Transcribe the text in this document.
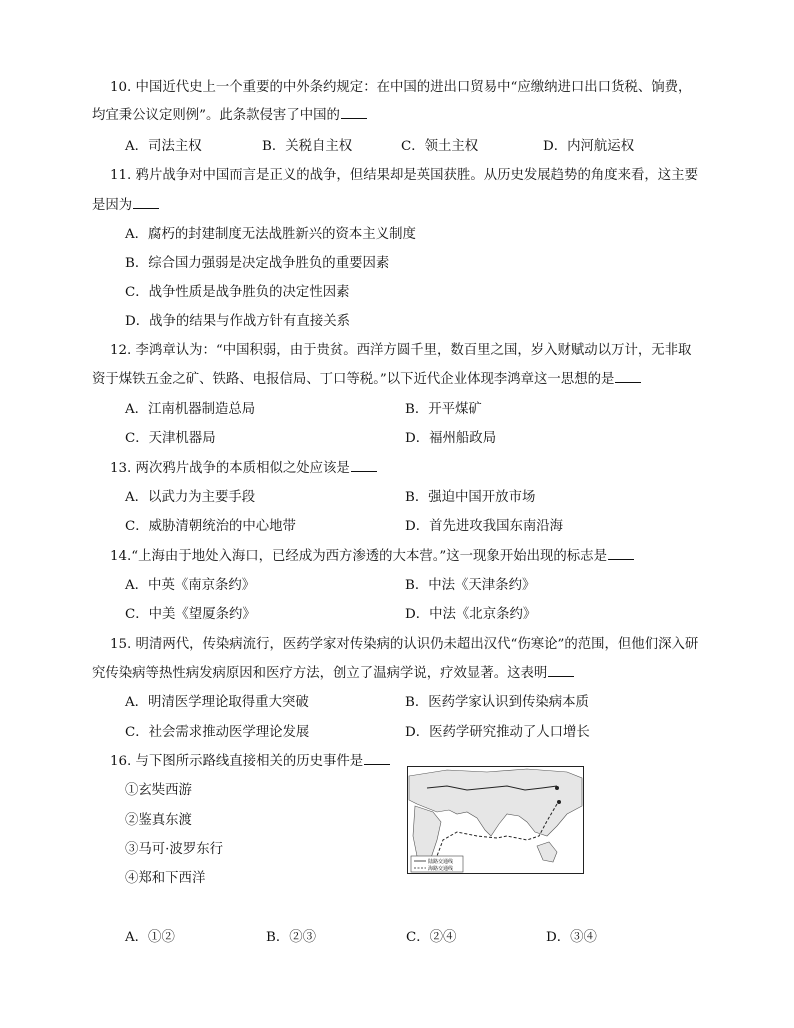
10. 中国近代史上一个重要的中外条约规定：在中国的进出口贸易中“应缴纳进口出口货税、饷费，
均宜秉公议定则例”。此条款侵害了中国的
A．司法主权	B．关税自主权	C．领土主权	D．内河航运权
11. 鸦片战争对中国而言是正义的战争，但结果却是英国获胜。从历史发展趋势的角度来看，这主要
是因为
A．腐朽的封建制度无法战胜新兴的资本主义制度
B．综合国力强弱是决定战争胜负的重要因素
C．战争性质是战争胜负的决定性因素
D．战争的结果与作战方针有直接关系
12. 李鸿章认为：“中国积弱，由于贵贫。西洋方圆千里，数百里之国，岁入财赋动以万计，无非取
资于煤铁五金之矿、铁路、电报信局、丁口等税。”以下近代企业体现李鸿章这一思想的是
A．江南机器制造总局	B．开平煤矿
C．天津机器局	D．福州船政局
13. 两次鸦片战争的本质相似之处应该是
A．以武力为主要手段	B．强迫中国开放市场
C．威胁清朝统治的中心地带	D．首先进攻我国东南沿海
14.“上海由于地处入海口，已经成为西方渗透的大本营。”这一现象开始出现的标志是
A．中英《南京条约》	B．中法《天津条约》
C．中美《望厦条约》	D．中法《北京条约》
15. 明清两代，传染病流行，医药学家对传染病的认识仍未超出汉代“伤寒论”的范围，但他们深入研
究传染病等热性病发病原因和医疗方法，创立了温病学说，疗效显著。这表明
A．明清医学理论取得重大突破	B．医药学家认识到传染病本质
C．社会需求推动医学理论发展	D．医药学研究推动了人口增长
16. 与下图所示路线直接相关的历史事件是
①玄奘西游
②鉴真东渡
③马可·波罗东行
④郑和下西洋
陆路交通线
海路交通线
A．①②	B．②③	C．②④	D．③④
